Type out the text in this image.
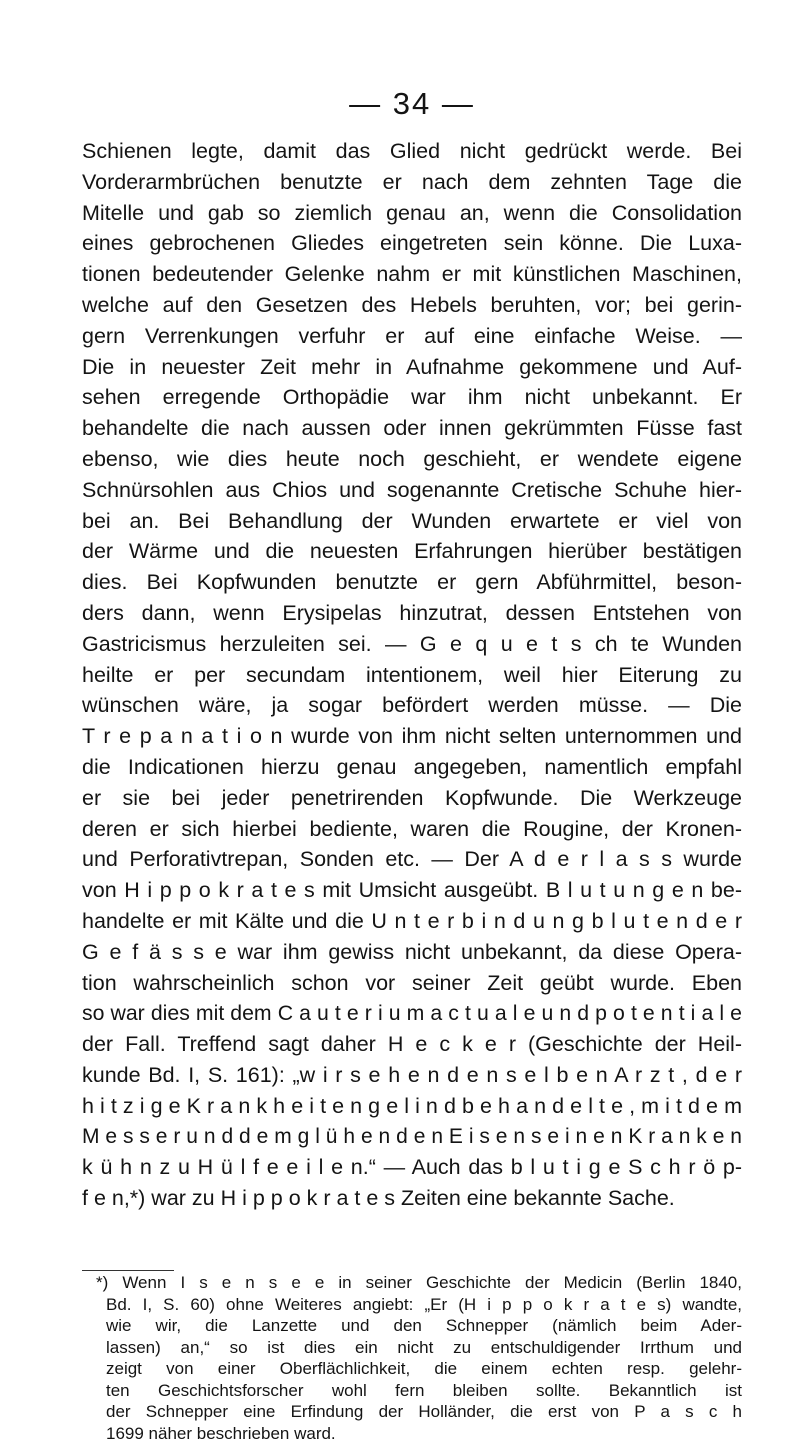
— 34 —
Schienen legte, damit das Glied nicht gedrückt werde. Bei
Vorderarmbrüchen benutzte er nach dem zehnten Tage die
Mitelle und gab so ziemlich genau an, wenn die Consolidation
eines gebrochenen Gliedes eingetreten sein könne. Die Luxa-
tionen bedeutender Gelenke nahm er mit künstlichen Maschinen,
welche auf den Gesetzen des Hebels beruhten, vor; bei gerin-
gern Verrenkungen verfuhr er auf eine einfache Weise. —
Die in neuester Zeit mehr in Aufnahme gekommene und Auf-
sehen erregende Orthopädie war ihm nicht unbekannt. Er
behandelte die nach aussen oder innen gekrümmten Füsse fast
ebenso, wie dies heute noch geschieht, er wendete eigene
Schnürsohlen aus Chios und sogenannte Cretische Schuhe hier-
bei an. Bei Behandlung der Wunden erwartete er viel von
der Wärme und die neuesten Erfahrungen hierüber bestätigen
dies. Bei Kopfwunden benutzte er gern Abführmittel, beson-
ders dann, wenn Erysipelas hinzutrat, dessen Entstehen von
Gastricismus herzuleiten sei. — G e q u e t s ch te Wunden
heilte er per secundam intentionem, weil hier Eiterung zu
wünschen wäre, ja sogar befördert werden müsse. — Die
T r e p a n a t i o n wurde von ihm nicht selten unternommen und
die Indicationen hierzu genau angegeben, namentlich empfahl
er sie bei jeder penetrirenden Kopfwunde. Die Werkzeuge
deren er sich hierbei bediente, waren die Rougine, der Kronen-
und Perforativtrepan, Sonden etc. — Der A d e r l a s s wurde
von H i p p o k r a t e s mit Umsicht ausgeübt. B l u t u n g e n be-
handelte er mit Kälte und die U n t e r b i n d u n g b l u t e n d e r
G e f ä s s e war ihm gewiss nicht unbekannt, da diese Opera-
tion wahrscheinlich schon vor seiner Zeit geübt wurde. Eben
so war dies mit dem C a u t e r i u m a c t u a l e u n d p o t e n t i a l e
der Fall. Treffend sagt daher H e c k e r (Geschichte der Heil-
kunde Bd. I, S. 161): „w i r s e h e n d e n s e l b e n A r z t , d e r
h i t z i g e K r a n k h e i t e n g e l i n d b e h a n d e l t e , m i t d e m
M e s s e r u n d d e m g l ü h e n d e n E i s e n s e i n e n K r a n k e n
k ü h n z u H ü l f e e i l e n.“ — Auch das b l u t i g e S c h r ö p-
f e n,*) war zu H i p p o k r a t e s Zeiten eine bekannte Sache.
*) Wenn I s e n s e e in seiner Geschichte der Medicin (Berlin 1840,
Bd. I, S. 60) ohne Weiteres angiebt: „Er (H i p p o k r a t e s) wandte,
wie wir, die Lanzette und den Schnepper (nämlich beim Ader-
lassen) an,“ so ist dies ein nicht zu entschuldigender Irrthum und
zeigt von einer Oberflächlichkeit, die einem echten resp. gelehr-
ten Geschichtsforscher wohl fern bleiben sollte. Bekanntlich ist
der Schnepper eine Erfindung der Holländer, die erst von P a s c h
1699 näher beschrieben ward.
